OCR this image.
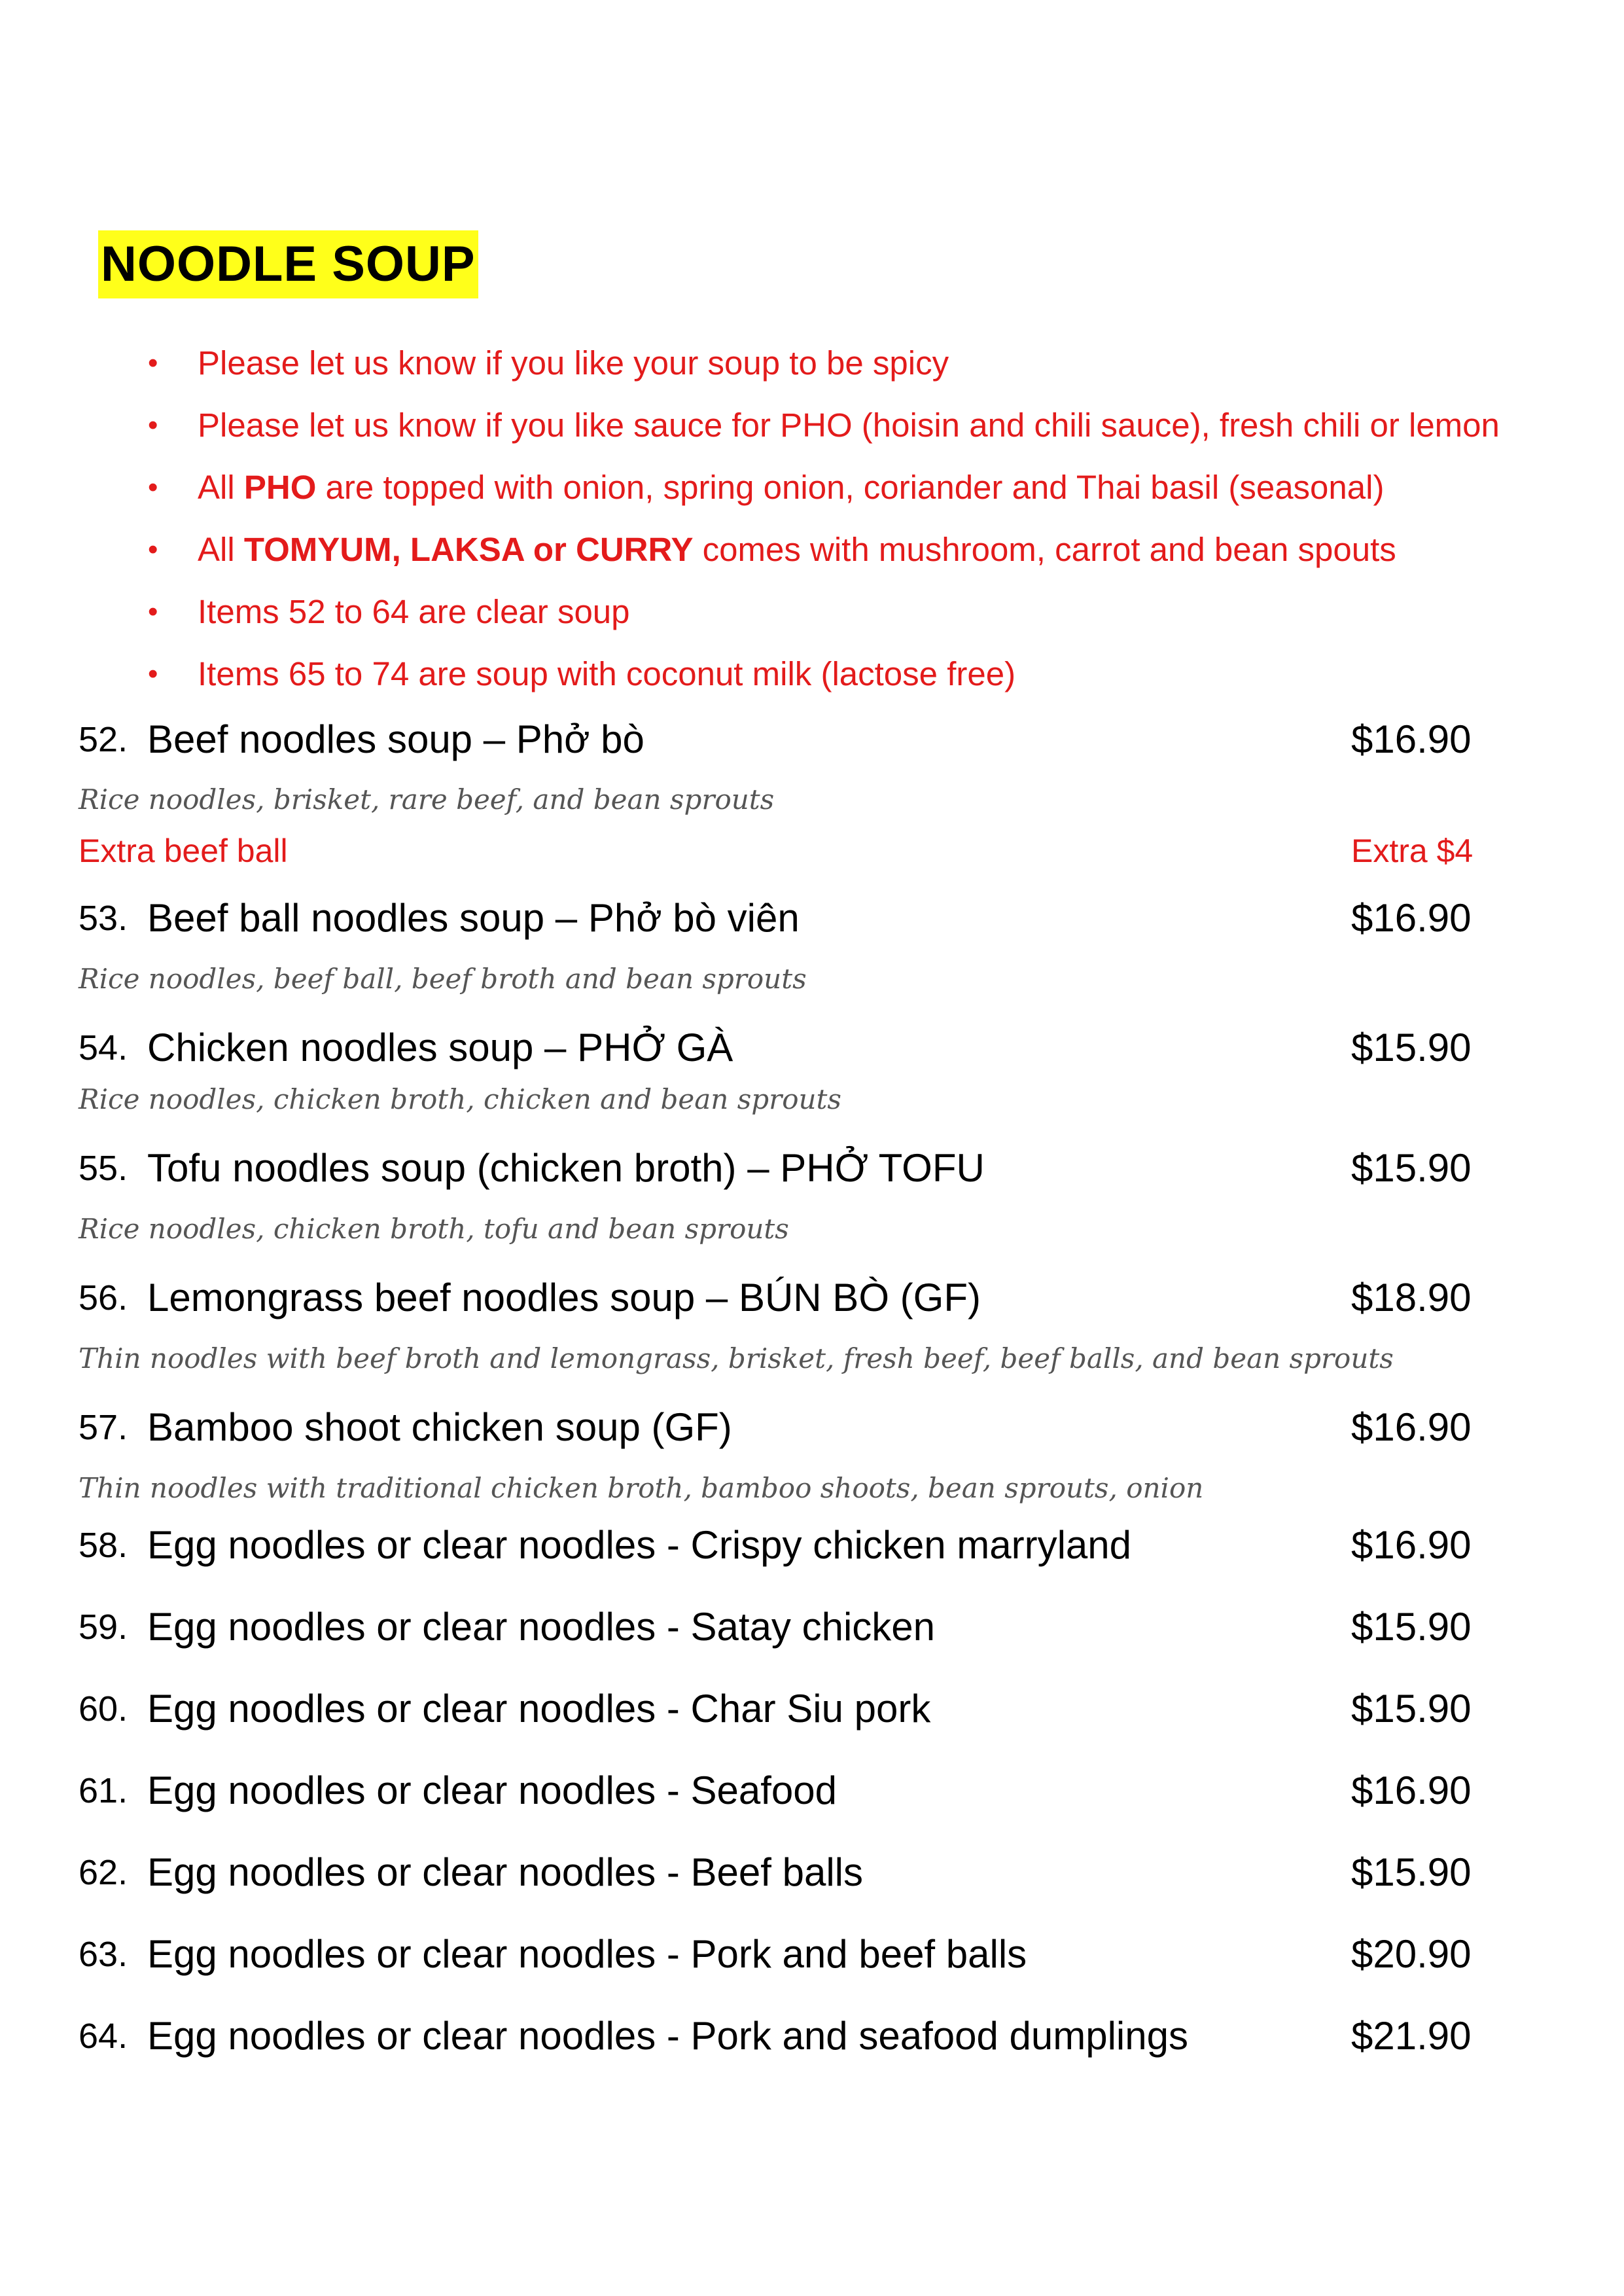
NOODLE SOUP
• Please let us know if you like your soup to be spicy
• Please let us know if you like sauce for PHO (hoisin and chili sauce), fresh chili or lemon
• All PHO are topped with onion, spring onion, coriander and Thai basil (seasonal)
• All TOMYUM, LAKSA or CURRY comes with mushroom, carrot and bean spouts
• Items 52 to 64 are clear soup
• Items 65 to 74 are soup with coconut milk (lactose free)
52. Beef noodles soup – Phở bò	$16.90
Rice noodles, brisket, rare beef, and bean sprouts
Extra beef ball	Extra $4
53. Beef ball noodles soup – Phở bò viên	$16.90
Rice noodles, beef ball, beef broth and bean sprouts
54. Chicken noodles soup – PHỞ GÀ	$15.90
Rice noodles, chicken broth, chicken and bean sprouts
55. Tofu noodles soup (chicken broth) – PHỞ TOFU	$15.90
Rice noodles, chicken broth, tofu and bean sprouts
56. Lemongrass beef noodles soup – BÚN BÒ (GF)	$18.90
Thin noodles with beef broth and lemongrass, brisket, fresh beef, beef balls, and bean sprouts
57. Bamboo shoot chicken soup (GF)	$16.90
Thin noodles with traditional chicken broth, bamboo shoots, bean sprouts, onion
58. Egg noodles or clear noodles - Crispy chicken marryland	$16.90
59. Egg noodles or clear noodles - Satay chicken	$15.90
60. Egg noodles or clear noodles - Char Siu pork	$15.90
61. Egg noodles or clear noodles - Seafood	$16.90
62. Egg noodles or clear noodles - Beef balls	$15.90
63. Egg noodles or clear noodles - Pork and beef balls	$20.90
64. Egg noodles or clear noodles - Pork and seafood dumplings	$21.90
